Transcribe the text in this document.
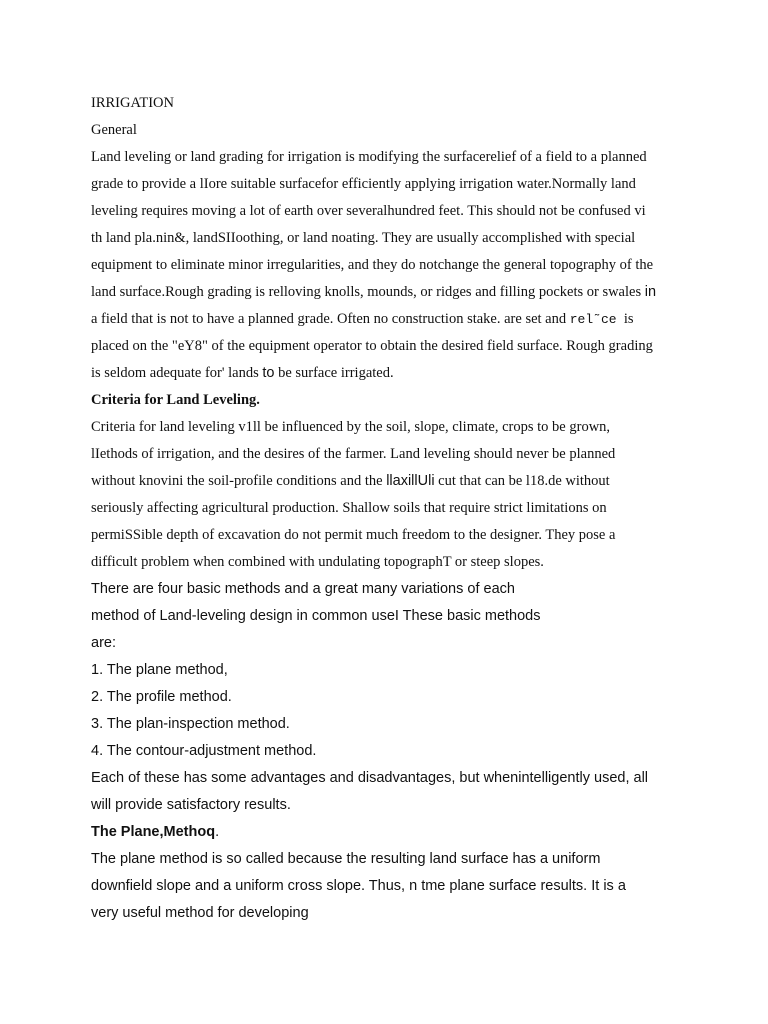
IRRIGATION
General
Land leveling or land grading for irrigation is modifying the surfacerelief of a field to a planned
grade to provide a lIore suitable surfacefor efficiently applying irrigation water.Normally land
leveling requires moving a lot of earth over severalhundred feet. This should not be confused vi
th land pla.nin&, landSIIoothing, or land noating. They are usually accomplished with special
equipment to eliminate minor irregularities, and they do notchange the general topography of the
land surface.Rough grading is relloving knolls, mounds, or ridges and filling pockets or swales in
a field that is not to have a planned grade. Often no construction stake. are set and rel˜ce is
placed on the "eY8" of the equipment operator to obtain the desired field surface. Rough grading
is seldom adequate for' lands to be surface irrigated.
Criteria for Land Leveling.
Criteria for land leveling v1ll be influenced by the soil, slope, climate, crops to be grown,
lIethods of irrigation, and the desires of the farmer. Land leveling should never be planned
without knovini the soil-profile conditions and the llaxillUli cut that can be l18.de without
seriously affecting agricultural production. Shallow soils that require strict limitations on
permiSSible depth of excavation do not permit much freedom to the designer. They pose a
difficult problem when combined with undulating topographT or steep slopes.
There are four basic methods and a great many variations of each
method of Land-leveling design in common useI These basic methods
are:
1. The plane method,
2. The profile method.
3. The plan-inspection method.
4. The contour-adjustment method.
Each of these has some advantages and disadvantages, but whenintelligently used, all
will provide satisfactory results.
The Plane,Methoq.
The plane method is so called because the resulting land surface has a uniform
downfield slope and a uniform cross slope. Thus, n tme plane surface results. It is a
very useful method for developing
